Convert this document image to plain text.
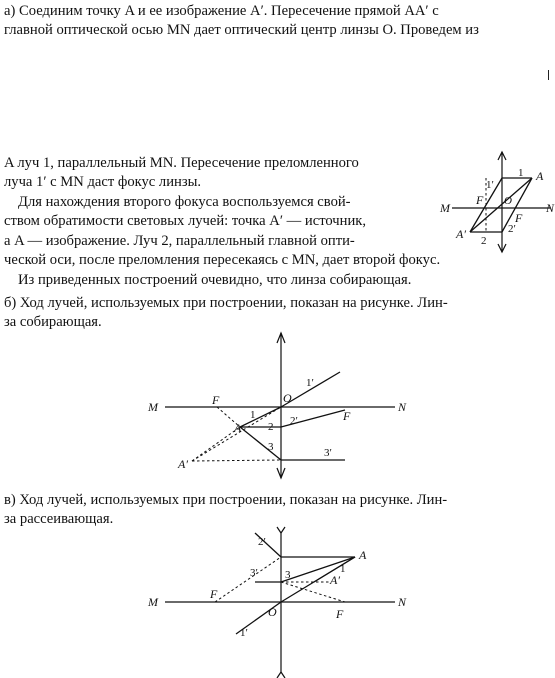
а) Соединим точку A и ее изображение A′. Пересечение прямой AA′ с
главной оптической осью MN дает оптический центр линзы O. Проведем из
A луч 1, параллельный MN. Пересечение преломленного
луча 1′ с MN даст фокус линзы.
Для нахождения второго фокуса воспользуемся свой-
ством обратимости световых лучей: точка A′ — источник,
а A — изображение. Луч 2, параллельный главной опти-
ческой оси, после преломления пересекаясь с MN, дает второй фокус.
Из приведенных построений очевидно, что линза собирающая.
M	N
F
F
O
A
A′
1
1′
2
2′
б) Ход лучей, используемых при построении, показан на рисунке. Лин-
за собирающая.
M	N
F
F
O
A
A′
1
1′
2 2′
3	3′
в) Ход лучей, используемых при построении, показан на рисунке. Лин-
за рассеивающая.
M	N
F
F
O
A
A′
1
1′
2′
3
3′
